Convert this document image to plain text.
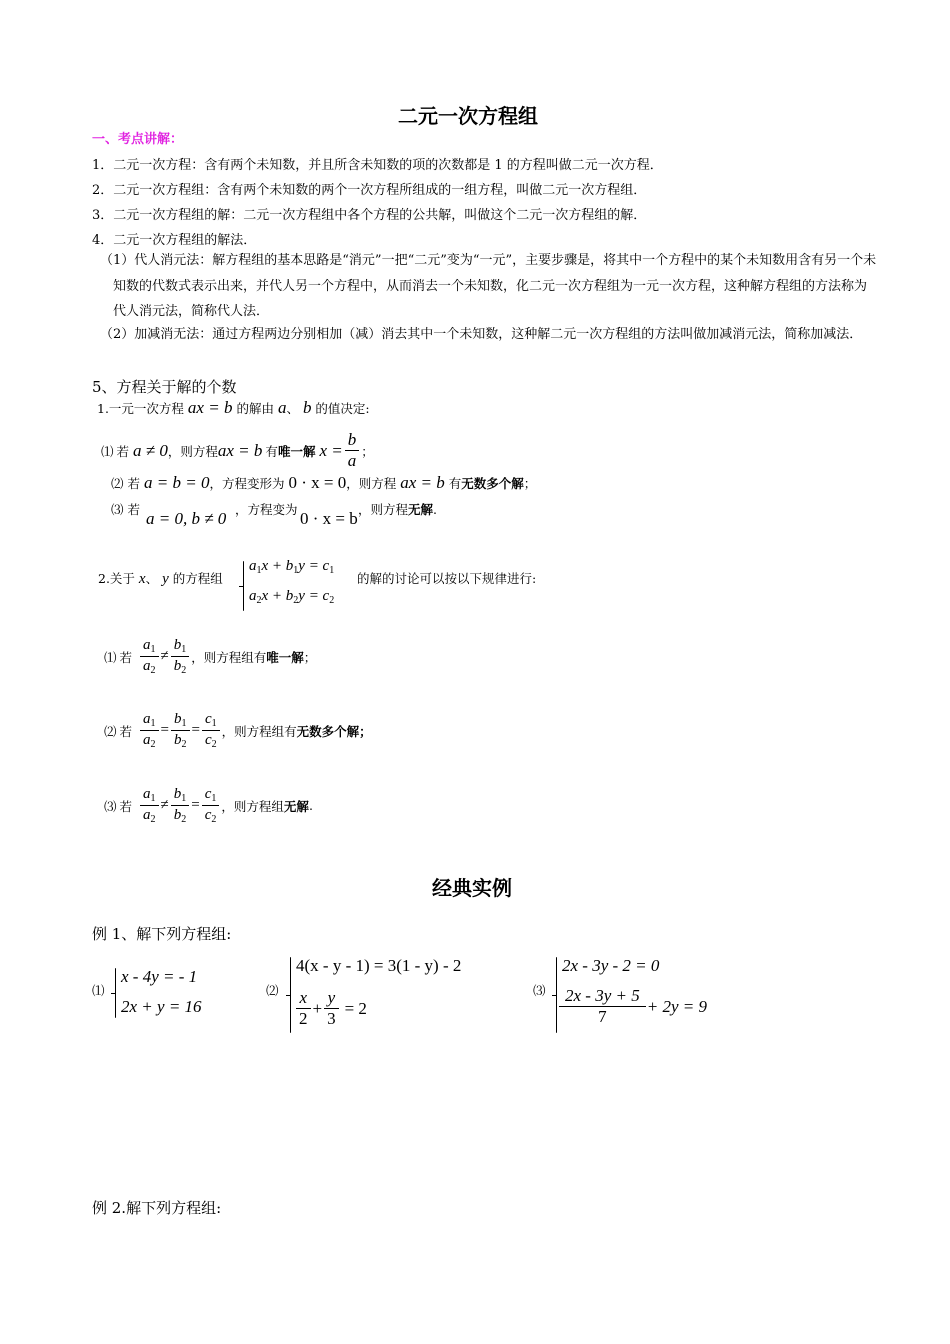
二元一次方程组
一、考点讲解：
1．二元一次方程：含有两个未知数，并且所含未知数的项的次数都是 1 的方程叫做二元一次方程．
2．二元一次方程组：含有两个未知数的两个一次方程所组成的一组方程，叫做二元一次方程组．
3．二元一次方程组的解：二元一次方程组中各个方程的公共解，叫做这个二元一次方程组的解．
4．二元一次方程组的解法．
（1）代人消元法：解方程组的基本思路是“消元”一把“二元”变为“一元”，主要步骤是，将其中一个方程中的某个未知数用含有另一个未知数的代数式表示出来，并代人另一个方程中，从而消去一个未知数，化二元一次方程组为一元一次方程，这种解方程组的方法称为代人消元法，简称代人法．
（2）加减消无法：通过方程两边分别相加（减）消去其中一个未知数，这种解二元一次方程组的方法叫做加减消元法，简称加减法．
5、方程关于解的个数
1.一元一次方程 ax = b 的解由 a、 b 的值决定:
⑴ 若 a ≠ 0 ，则方程 ax = b 有 唯一解 $x = \frac{b}{a}$ ；
⑵ 若 a = b = 0，方程变形为 0 · x = 0，则方程 ax = b 有无数多个解；
⑶ 若 a = 0, b ≠ 0 ，方程变为 0 · x = b ，则方程无解.
2.关于 x、 y 的方程组
$a_1x + b_1y = c_1$
$a_2x + b_2y = c_2$
的解的讨论可以按以下规律进行:
⑴ 若 $\frac{a_1}{a_2} \ne \frac{b_1}{b_2}$ ，则方程组有 唯一解 ；
⑵ 若 $\frac{a_1}{a_2} = \frac{b_1}{b_2} = \frac{c_1}{c_2}$ ，则方程组有 无数多个解；
⑶ 若 $\frac{a_1}{a_2} \ne \frac{b_1}{b_2} = \frac{c_1}{c_2}$ ，则方程组 无解 .
经典实例
例 1、解下列方程组:
⑴
x - 4y = - 1
2x + y = 16
⑵
4(x - y - 1) = 3(1 - y) - 2
$\frac{x}{2} + \frac{y}{3} = 2$
⑶
2x - 3y - 2 = 0
$\frac{2x - 3y + 5}{7} + 2y = 9$
例 2.解下列方程组:
